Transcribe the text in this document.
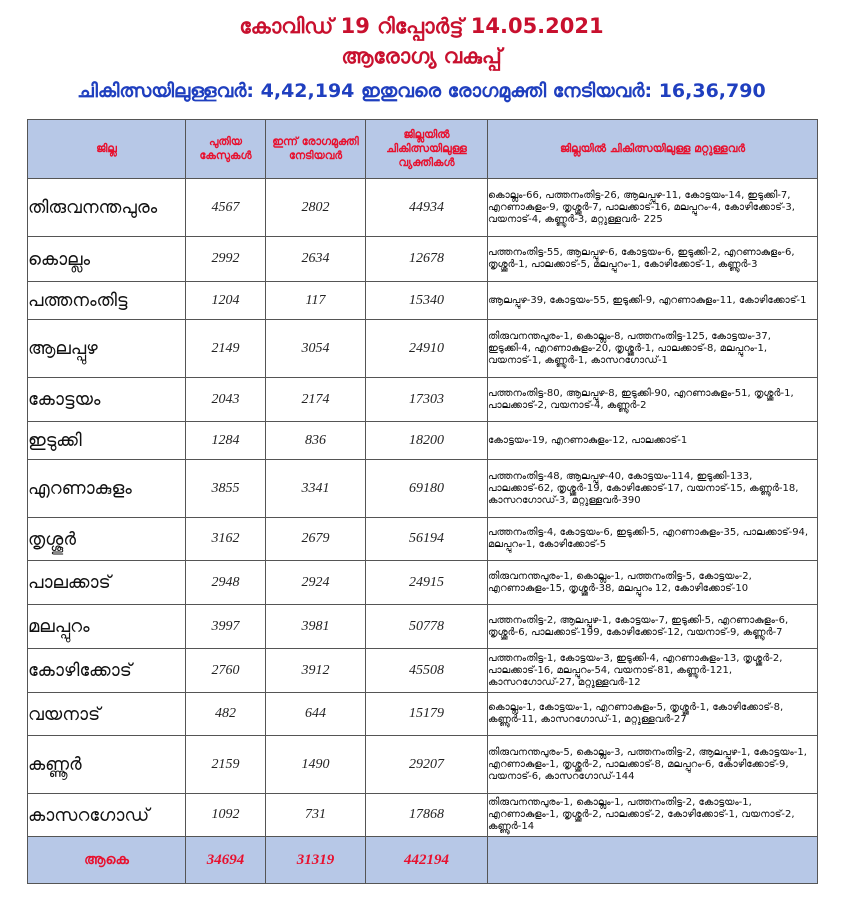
കോവിഡ് 19 റിപ്പോർട്ട് 14.05.2021
ആരോഗ്യ വകുപ്പ്
ചികിത്സയിലുള്ളവർ: 4,42,194 ഇതുവരെ രോഗമുക്തി നേടിയവർ: 16,36,790
ജില്ല	പുതിയ കേസുകൾ	ഇന്ന് രോഗമുക്തി നേടിയവർ	ജില്ലയിൽ ചികിത്സയിലുള്ള വ്യക്തികൾ	ജില്ലയിൽ ചികിത്സയിലുള്ള മറ്റുള്ളവർ
തിരുവനന്തപുരം	4567	2802	44934	കൊല്ലം-66, പത്തനംതിട്ട-26, ആലപ്പുഴ-11, കോട്ടയം-14, ഇടുക്കി-7, എറണാകുളം-9, തൃശ്ശൂർ-7, പാലക്കാട്-16, മലപ്പുറം-4, കോഴിക്കോട്-3, വയനാട്-4, കണ്ണൂർ-3, മറ്റുള്ളവർ- 225
കൊല്ലം	2992	2634	12678	പത്തനംതിട്ട-55, ആലപ്പുഴ-6, കോട്ടയം-6, ഇടുക്കി-2, എറണാകുളം-6, തൃശ്ശൂർ-1, പാലക്കാട്-5, മലപ്പുറം-1, കോഴിക്കോട്-1, കണ്ണൂർ-3
പത്തനംതിട്ട	1204	117	15340	ആലപ്പുഴ-39, കോട്ടയം-55, ഇടുക്കി-9, എറണാകുളം-11, കോഴിക്കോട്-1
ആലപ്പുഴ	2149	3054	24910	തിരുവനന്തപുരം-1, കൊല്ലം-8, പത്തനംതിട്ട-125, കോട്ടയം-37, ഇടുക്കി-4, എറണാകുളം-20, തൃശ്ശൂർ-1, പാലക്കാട്-8, മലപ്പുറം-1, വയനാട്-1, കണ്ണൂർ-1, കാസറഗോഡ്-1
കോട്ടയം	2043	2174	17303	പത്തനംതിട്ട-80, ആലപ്പുഴ-8, ഇടുക്കി-90, എറണാകുളം-51, തൃശ്ശൂർ-1, പാലക്കാട്-2, വയനാട്-4, കണ്ണൂർ-2
ഇടുക്കി	1284	836	18200	കോട്ടയം-19, എറണാകുളം-12, പാലക്കാട്-1
എറണാകുളം	3855	3341	69180	പത്തനംതിട്ട-48, ആലപ്പുഴ-40, കോട്ടയം-114, ഇടുക്കി-133, പാലക്കാട്-62, തൃശ്ശൂർ-19, കോഴിക്കോട്-17, വയനാട്-15, കണ്ണൂർ-18, കാസറഗോഡ്-3, മറ്റുള്ളവർ-390
തൃശ്ശൂർ	3162	2679	56194	പത്തനംതിട്ട-4, കോട്ടയം-6, ഇടുക്കി-5, എറണാകുളം-35, പാലക്കാട്-94, മലപ്പുറം-1, കോഴിക്കോട്-5
പാലക്കാട്	2948	2924	24915	തിരുവനന്തപുരം-1, കൊല്ലം-1, പത്തനംതിട്ട-5, കോട്ടയം-2, എറണാകുളം-15, തൃശ്ശൂർ-38, മലപ്പുറം 12, കോഴിക്കോട്-10
മലപ്പുറം	3997	3981	50778	പത്തനംതിട്ട-2, ആലപ്പുഴ-1, കോട്ടയം-7, ഇടുക്കി-5, എറണാകുളം-6, തൃശ്ശൂർ-6, പാലക്കാട്-199, കോഴിക്കോട്-12, വയനാട്-9, കണ്ണൂർ-7
കോഴിക്കോട്	2760	3912	45508	പത്തനംതിട്ട-1, കോട്ടയം-3, ഇടുക്കി-4, എറണാകുളം-13, തൃശ്ശൂർ-2, പാലക്കാട്-16, മലപ്പുറം-54, വയനാട്-81, കണ്ണൂർ-121, കാസറഗോഡ്-27, മറ്റുള്ളവർ-12
വയനാട്	482	644	15179	കൊല്ലം-1, കോട്ടയം-1, എറണാകുളം-5, തൃശ്ശൂർ-1, കോഴിക്കോട്-8, കണ്ണൂർ-11, കാസറഗോഡ്-1, മറ്റുള്ളവർ-27
കണ്ണൂർ	2159	1490	29207	തിരുവനന്തപുരം-5, കൊല്ലം-3, പത്തനംതിട്ട-2, ആലപ്പുഴ-1, കോട്ടയം-1, എറണാകുളം-1, തൃശ്ശൂർ-2, പാലക്കാട്-8, മലപ്പുറം-6, കോഴിക്കോട്-9, വയനാട്-6, കാസറഗോഡ്-144
കാസറഗോഡ്	1092	731	17868	തിരുവനന്തപുരം-1, കൊല്ലം-1, പത്തനംതിട്ട-2, കോട്ടയം-1, എറണാകുളം-1, തൃശ്ശൂർ-2, പാലക്കാട്-2, കോഴിക്കോട്-1, വയനാട്-2, കണ്ണൂർ-14
ആകെ	34694	31319	442194	
